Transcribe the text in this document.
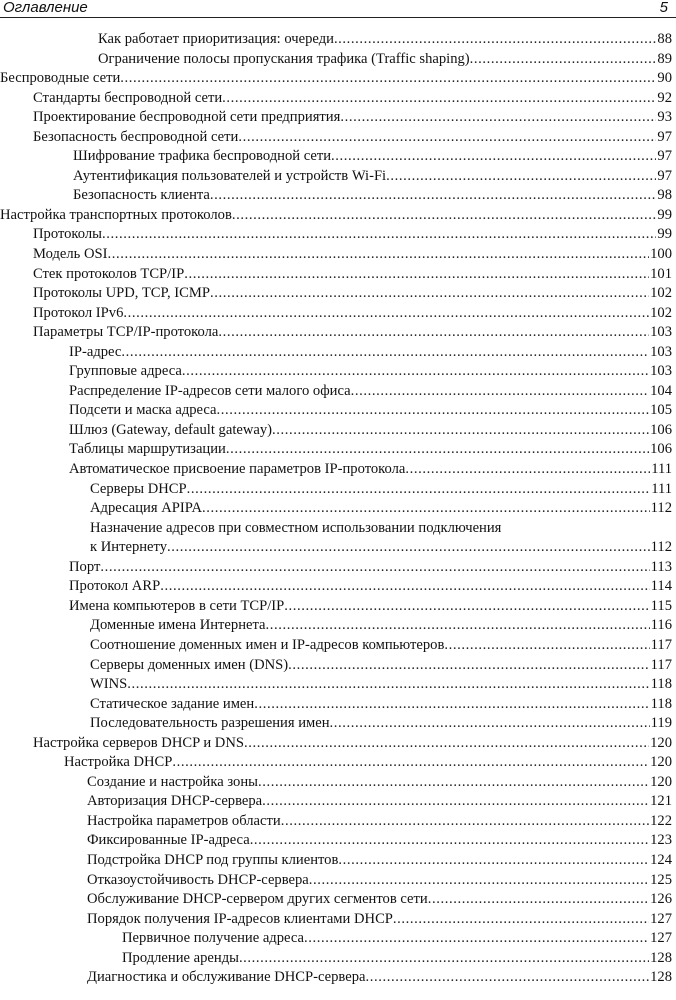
Оглавление	5
Как работает приоритизация: очереди .....	88
Ограничение полосы пропускания трафика (Traffic shaping) .....	89
Беспроводные сети .....	90
Стандарты беспроводной сети .....	92
Проектирование беспроводной сети предприятия .....	93
Безопасность беспроводной сети .....	97
Шифрование трафика беспроводной сети .....	97
Аутентификация пользователей и устройств Wi-Fi .....	97
Безопасность клиента .....	98
Настройка транспортных протоколов .....	99
Протоколы .....	99
Модель OSI .....	100
Стек протоколов TCP/IP .....	101
Протоколы UPD, TCP, ICMP .....	102
Протокол IPv6 .....	102
Параметры TCP/IP-протокола .....	103
IP-адрес .....	103
Групповые адреса .....	103
Распределение IP-адресов сети малого офиса .....	104
Подсети и маска адреса .....	105
Шлюз (Gateway, default gateway) .....	106
Таблицы маршрутизации .....	106
Автоматическое присвоение параметров IP-протокола .....	111
Серверы DHCP .....	111
Адресация APIPA .....	112
Назначение адресов при совместном использовании подключения
к Интернету .....	112
Порт .....	113
Протокол ARP .....	114
Имена компьютеров в сети TCP/IP .....	115
Доменные имена Интернета .....	116
Соотношение доменных имен и IP-адресов компьютеров .....	117
Серверы доменных имен (DNS) .....	117
WINS .....	118
Статическое задание имен .....	118
Последовательность разрешения имен .....	119
Настройка серверов DHCP и DNS .....	120
Настройка DHCP .....	120
Создание и настройка зоны .....	120
Авторизация DHCP-сервера .....	121
Настройка параметров области .....	122
Фиксированные IP-адреса .....	123
Подстройка DHCP под группы клиентов .....	124
Отказоустойчивость DHCP-сервера .....	125
Обслуживание DHCP-сервером других сегментов сети .....	126
Порядок получения IP-адресов клиентами DHCP .....	127
Первичное получение адреса .....	127
Продление аренды .....	128
Диагностика и обслуживание DHCP-сервера .....	128
